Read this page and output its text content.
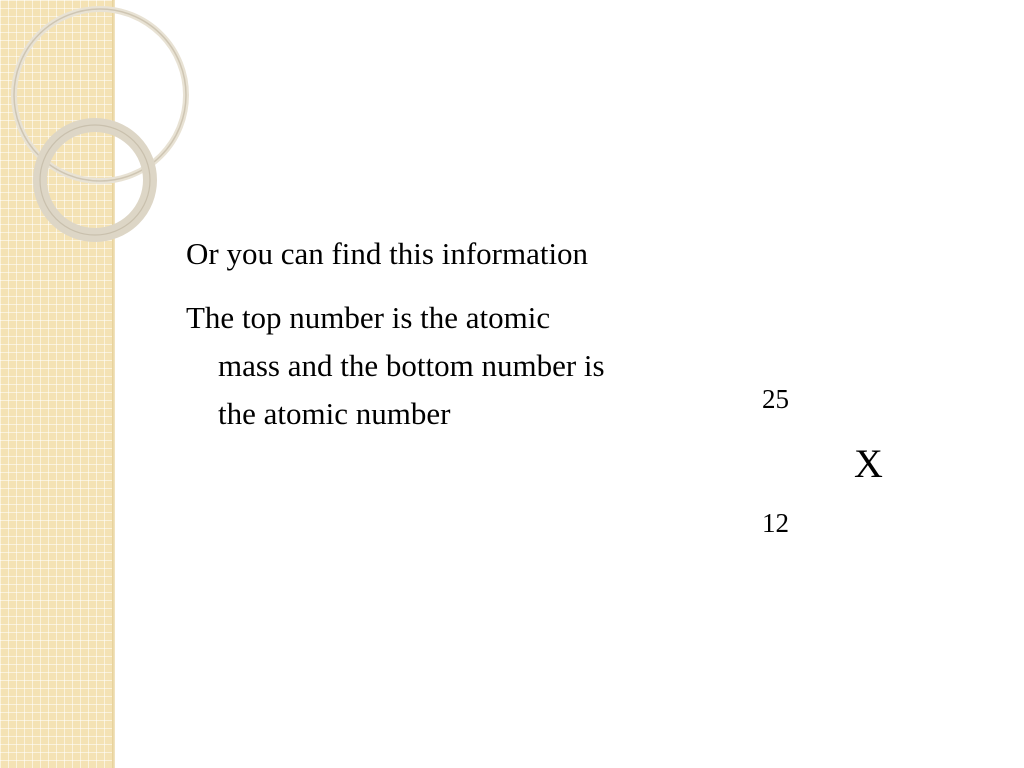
Or you can find this information
The top number is the atomic mass and the bottom number is the atomic number	25
X
12
